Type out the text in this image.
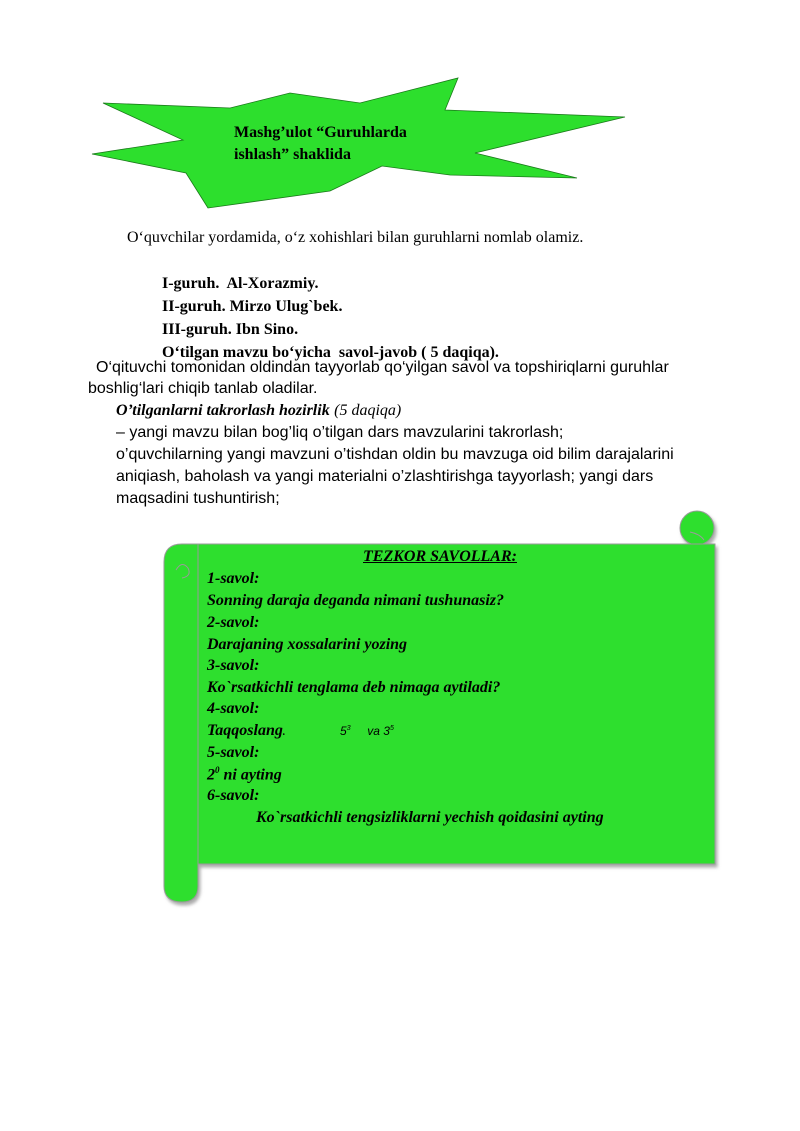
Mashg’ulot “Guruhlarda
ishlash” shaklida
O‘quvchilar yordamida, o‘z xohishlari bilan guruhlarni nomlab olamiz.
I-guruh.  Al-Xorazmiy.
II-guruh. Mirzo Ulug`bek.
III-guruh. Ibn Sino.
O‘tilgan mavzu bo‘yicha  savol-javob ( 5 daqiqa).
O‘qituvchi tomonidan oldindan tayyorlab qo‘yilgan savol va topshiriqlarni guruhlar
boshlig‘lari chiqib tanlab oladilar.
O’tilganlarni takrorlash hozirlik (5 daqiqa)
– yangi mavzu bilan bog’liq o’tilgan dars mavzularini takrorlash;
o’quvchilarning yangi mavzuni o’tishdan oldin bu mavzuga oid bilim darajalarini
aniqiash, baholash va yangi materialni o’zlashtirishga tayyorlash; yangi dars
maqsadini tushuntirish;
TEZKOR SAVOLLAR:
1-savol:
Sonning daraja deganda nimani tushunasiz?
2-savol:
Darajaning xossalarini yozing
3-savol:
Ko`rsatkichli tenglama deb nimaga aytiladi?
4-savol:
Taqqoslang.	$5^3$ va $3^5$
5-savol:
$2^0$ ni ayting
6-savol:
Ko`rsatkichli tengsizliklarni yechish qoidasini ayting
